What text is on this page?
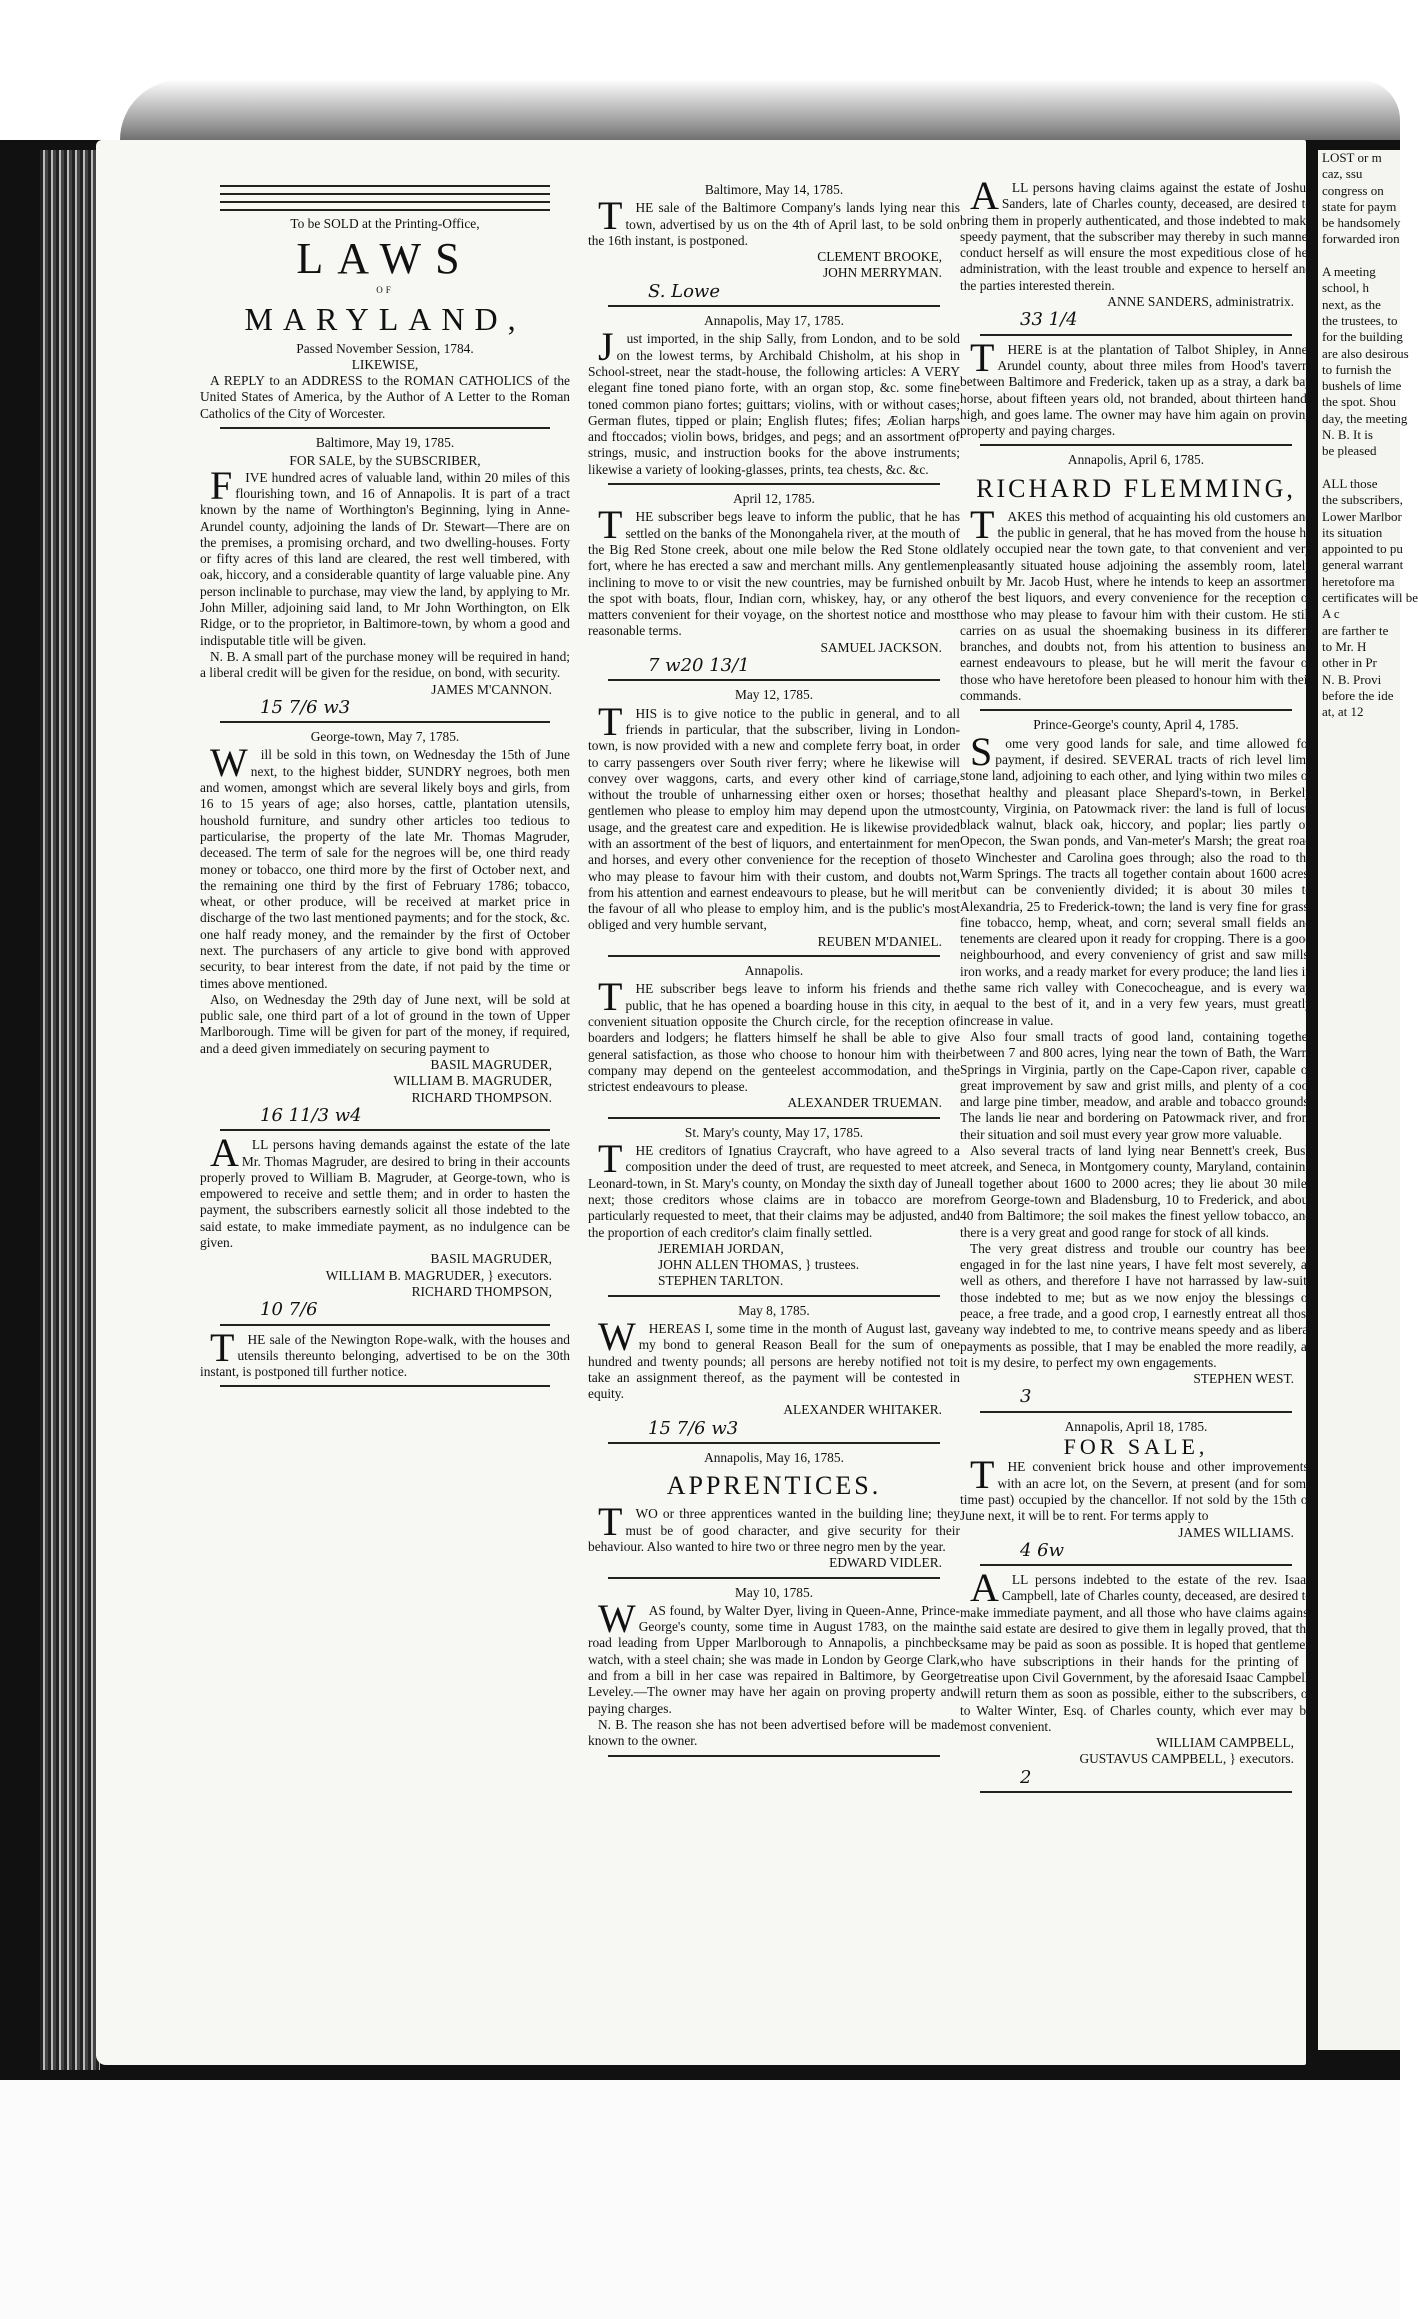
LOST or m
caz, ssu
congress on
state for paym
be handsomely
forwarded iron
A meeting
school, h
next, as the
the trustees, to
for the building
are also desirous
to furnish the
bushels of lime
the spot. Shou
day, the meeting
N. B. It is
be pleased
ALL those
the subscribers,
Lower Marlbor
its situation
appointed to pu
general warrant
heretofore ma
certificates will be
A c
are farther te
to Mr. H
other in Pr
N. B. Provi
before the ide
at, at 12
To be SOLD at the Printing-Office,
LAWS
OF
MARYLAND,
Passed November Session, 1784.
LIKEWISE,

A REPLY to an ADDRESS to the ROMAN CATHOLICS of the United States of America, by the Author of A Letter to the Roman Catholics of the City of Worcester.

Baltimore, May 19, 1785.
FOR SALE, by the SUBSCRIBER,

FIVE hundred acres of valuable land, within 20 miles of this flourishing town, and 16 of Annapolis. It is part of a tract known by the name of Worthington's Beginning, lying in Anne-Arundel county, adjoining the lands of Dr. Stewart—There are on the premises, a promising orchard, and two dwelling-houses. Forty or fifty acres of this land are cleared, the rest well timbered, with oak, hiccory, and a considerable quantity of large valuable pine. Any person inclinable to purchase, may view the land, by applying to Mr. John Miller, adjoining said land, to Mr John Worthington, on Elk Ridge, or to the proprietor, in Baltimore-town, by whom a good and indisputable title will be given.

N. B. A small part of the purchase money will be required in hand; a liberal credit will be given for the residue, on bond, with security.

JAMES M'CANNON.

15 7/6 w3
George-town, May 7, 1785.

Will be sold in this town, on Wednesday the 15th of June next, to the highest bidder, SUNDRY negroes, both men and women, amongst which are several likely boys and girls, from 16 to 15 years of age; also horses, cattle, plantation utensils, houshold furniture, and sundry other articles too tedious to particularise, the property of the late Mr. Thomas Magruder, deceased. The term of sale for the negroes will be, one third ready money or tobacco, one third more by the first of October next, and the remaining one third by the first of February 1786; tobacco, wheat, or other produce, will be received at market price in discharge of the two last mentioned payments; and for the stock, &c. one half ready money, and the remainder by the first of October next. The purchasers of any article to give bond with approved security, to bear interest from the date, if not paid by the time or times above mentioned.

Also, on Wednesday the 29th day of June next, will be sold at public sale, one third part of a lot of ground in the town of Upper Marlborough. Time will be given for part of the money, if required, and a deed given immediately on securing payment to

BASIL MAGRUDER,

WILLIAM B. MAGRUDER,

RICHARD THOMPSON.

16 11/3 w4

ALL persons having demands against the estate of the late Mr. Thomas Magruder, are desired to bring in their accounts properly proved to William B. Magruder, at George-town, who is empowered to receive and settle them; and in order to hasten the payment, the subscribers earnestly solicit all those indebted to the said estate, to make immediate payment, as no indulgence can be given.

BASIL MAGRUDER,

WILLIAM B. MAGRUDER, } executors.

RICHARD THOMPSON,

10 7/6

THE sale of the Newington Rope-walk, with the houses and utensils thereunto belonging, advertised to be on the 30th instant, is postponed till further notice.

Baltimore, May 14, 1785.

THE sale of the Baltimore Company's lands lying near this town, advertised by us on the 4th of April last, to be sold on the 16th instant, is postponed.

CLEMENT BROOKE,

JOHN MERRYMAN.

S. Lowe
Annapolis, May 17, 1785.

Just imported, in the ship Sally, from London, and to be sold on the lowest terms, by Archibald Chisholm, at his shop in School-street, near the stadt-house, the following articles: A VERY elegant fine toned piano forte, with an organ stop, &c. some fine toned common piano fortes; guittars; violins, with or without cases; German flutes, tipped or plain; English flutes; fifes; Æolian harps and ftoccados; violin bows, bridges, and pegs; and an assortment of strings, music, and instruction books for the above instruments; likewise a variety of looking-glasses, prints, tea chests, &c. &c.

April 12, 1785.

THE subscriber begs leave to inform the public, that he has settled on the banks of the Monongahela river, at the mouth of the Big Red Stone creek, about one mile below the Red Stone old fort, where he has erected a saw and merchant mills. Any gentlemen inclining to move to or visit the new countries, may be furnished on the spot with boats, flour, Indian corn, whiskey, hay, or any other matters convenient for their voyage, on the shortest notice and most reasonable terms.

SAMUEL JACKSON.

7 w20 13/1
May 12, 1785.

THIS is to give notice to the public in general, and to all friends in particular, that the subscriber, living in London-town, is now provided with a new and complete ferry boat, in order to carry passengers over South river ferry; where he likewise will convey over waggons, carts, and every other kind of carriage, without the trouble of unharnessing either oxen or horses; those gentlemen who please to employ him may depend upon the utmost usage, and the greatest care and expedition. He is likewise provided with an assortment of the best of liquors, and entertainment for men and horses, and every other convenience for the reception of those who may please to favour him with their custom, and doubts not, from his attention and earnest endeavours to please, but he will merit the favour of all who please to employ him, and is the public's most obliged and very humble servant,

REUBEN M'DANIEL.

Annapolis.

THE subscriber begs leave to inform his friends and the public, that he has opened a boarding house in this city, in a convenient situation opposite the Church circle, for the reception of boarders and lodgers; he flatters himself he shall be able to give general satisfaction, as those who choose to honour him with their company may depend on the genteelest accommodation, and the strictest endeavours to please.

ALEXANDER TRUEMAN.

St. Mary's county, May 17, 1785.

THE creditors of Ignatius Craycraft, who have agreed to a composition under the deed of trust, are requested to meet at Leonard-town, in St. Mary's county, on Monday the sixth day of June next; those creditors whose claims are in tobacco are more particularly requested to meet, that their claims may be adjusted, and the proportion of each creditor's claim finally settled.

JEREMIAH JORDAN,

JOHN ALLEN THOMAS, } trustees.

STEPHEN TARLTON.

May 8, 1785.

WHEREAS I, some time in the month of August last, gave my bond to general Reason Beall for the sum of one hundred and twenty pounds; all persons are hereby notified not to take an assignment thereof, as the payment will be contested in equity.

ALEXANDER WHITAKER.

15 7/6 w3
Annapolis, May 16, 1785.
APPRENTICES.

TWO or three apprentices wanted in the building line; they must be of good character, and give security for their behaviour. Also wanted to hire two or three negro men by the year.

EDWARD VIDLER.

May 10, 1785.

WAS found, by Walter Dyer, living in Queen-Anne, Prince-George's county, some time in August 1783, on the main road leading from Upper Marlborough to Annapolis, a pinchbeck watch, with a steel chain; she was made in London by George Clark, and from a bill in her case was repaired in Baltimore, by George Leveley.—The owner may have her again on proving property and paying charges.

N. B. The reason she has not been advertised before will be made known to the owner.

ALL persons having claims against the estate of Joshua Sanders, late of Charles county, deceased, are desired to bring them in properly authenticated, and those indebted to make speedy payment, that the subscriber may thereby in such manner conduct herself as will ensure the most expeditious close of her administration, with the least trouble and expence to herself and the parties interested therein.

ANNE SANDERS, administratrix.

33 1/4

THERE is at the plantation of Talbot Shipley, in Anne-Arundel county, about three miles from Hood's tavern, between Baltimore and Frederick, taken up as a stray, a dark bay horse, about fifteen years old, not branded, about thirteen hands high, and goes lame. The owner may have him again on proving property and paying charges.

Annapolis, April 6, 1785.
RICHARD FLEMMING,

TAKES this method of acquainting his old customers and the public in general, that he has moved from the house he lately occupied near the town gate, to that convenient and very pleasantly situated house adjoining the assembly room, lately built by Mr. Jacob Hust, where he intends to keep an assortment of the best liquors, and every convenience for the reception of those who may please to favour him with their custom. He still carries on as usual the shoemaking business in its different branches, and doubts not, from his attention to business and earnest endeavours to please, but he will merit the favour of those who have heretofore been pleased to honour him with their commands.

Prince-George's county, April 4, 1785.

Some very good lands for sale, and time allowed for payment, if desired. SEVERAL tracts of rich level lime stone land, adjoining to each other, and lying within two miles of that healthy and pleasant place Shepard's-town, in Berkely county, Virginia, on Patowmack river: the land is full of locust, black walnut, black oak, hiccory, and poplar; lies partly on Opecon, the Swan ponds, and Van-meter's Marsh; the great road to Winchester and Carolina goes through; also the road to the Warm Springs. The tracts all together contain about 1600 acres, but can be conveniently divided; it is about 30 miles to Alexandria, 25 to Frederick-town; the land is very fine for grass, fine tobacco, hemp, wheat, and corn; several small fields and tenements are cleared upon it ready for cropping. There is a good neighbourhood, and every conveniency of grist and saw mills, iron works, and a ready market for every produce; the land lies in the same rich valley with Conecocheague, and is every way equal to the best of it, and in a very few years, must greatly increase in value.

Also four small tracts of good land, containing together between 7 and 800 acres, lying near the town of Bath, the Warm Springs in Virginia, partly on the Cape-Capon river, capable of great improvement by saw and grist mills, and plenty of a cool and large pine timber, meadow, and arable and tobacco grounds. The lands lie near and bordering on Patowmack river, and from their situation and soil must every year grow more valuable.

Also several tracts of land lying near Bennett's creek, Bush creek, and Seneca, in Montgomery county, Maryland, containing all together about 1600 to 2000 acres; they lie about 30 miles from George-town and Bladensburg, 10 to Frederick, and about 40 from Baltimore; the soil makes the finest yellow tobacco, and there is a very great and good range for stock of all kinds.

The very great distress and trouble our country has been engaged in for the last nine years, I have felt most severely, as well as others, and therefore I have not harrassed by law-suits those indebted to me; but as we now enjoy the blessings of peace, a free trade, and a good crop, I earnestly entreat all those any way indebted to me, to contrive means speedy and as liberal payments as possible, that I may be enabled the more readily, as it is my desire, to perfect my own engagements.

STEPHEN WEST.

3
Annapolis, April 18, 1785.
FOR SALE,

THE convenient brick house and other improvements, with an acre lot, on the Severn, at present (and for some time past) occupied by the chancellor. If not sold by the 15th of June next, it will be to rent. For terms apply to

JAMES WILLIAMS.

4 6w

ALL persons indebted to the estate of the rev. Isaac Campbell, late of Charles county, deceased, are desired to make immediate payment, and all those who have claims against the said estate are desired to give them in legally proved, that the same may be paid as soon as possible. It is hoped that gentlemen who have subscriptions in their hands for the printing of a treatise upon Civil Government, by the aforesaid Isaac Campbell, will return them as soon as possible, either to the subscribers, or to Walter Winter, Esq. of Charles county, which ever may be most convenient.

WILLIAM CAMPBELL,

GUSTAVUS CAMPBELL, } executors.

2
